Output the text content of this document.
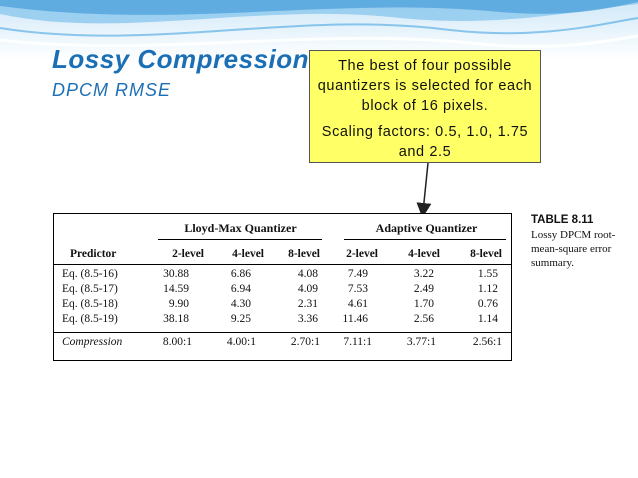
Lossy Compression
DPCM RMSE

The best of four possible quantizers is selected for each block of 16 pixels.

Scaling factors: 0.5, 1.0, 1.75 and 2.5

Lloyd-Max Quantizer	Adaptive Quantizer
Predictor	2-level	4-level	8-level	2-level	4-level	8-level
Eq. (8.5-16)	30.88	6.86	4.08	7.49	3.22	1.55
Eq. (8.5-17)	14.59	6.94	4.09	7.53	2.49	1.12
Eq. (8.5-18)	9.90	4.30	2.31	4.61	1.70	0.76
Eq. (8.5-19)	38.18	9.25	3.36	11.46	2.56	1.14
Compression	8.00:1	4.00:1	2.70:1	7.11:1	3.77:1	2.56:1
TABLE 8.11
Lossy DPCM root-mean-square error summary.
